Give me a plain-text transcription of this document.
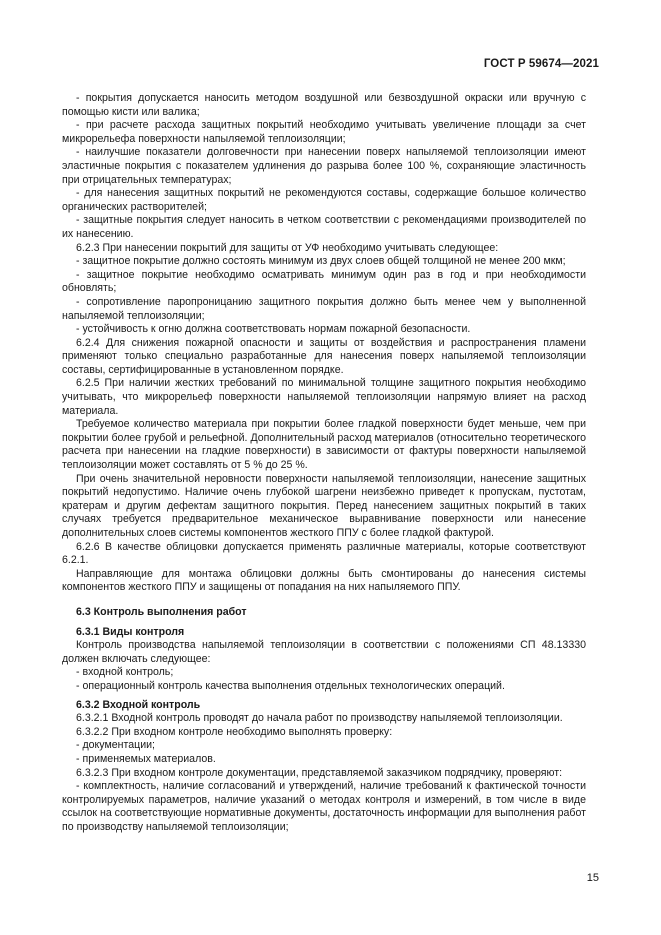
ГОСТ Р 59674—2021

- покрытия допускается наносить методом воздушной или безвоздушной окраски или вручную с помощью кисти или валика;

- при расчете расхода защитных покрытий необходимо учитывать увеличение площади за счет микрорельефа поверхности напыляемой теплоизоляции;

- наилучшие показатели долговечности при нанесении поверх напыляемой теплоизоляции имеют эластичные покрытия с показателем удлинения до разрыва более 100 %, сохраняющие эластичность при отрицательных температурах;

- для нанесения защитных покрытий не рекомендуются составы, содержащие большое количество органических растворителей;

- защитные покрытия следует наносить в четком соответствии с рекомендациями производителей по их нанесению.

6.2.3 При нанесении покрытий для защиты от УФ необходимо учитывать следующее:

- защитное покрытие должно состоять минимум из двух слоев общей толщиной не менее 200 мкм;

- защитное покрытие необходимо осматривать минимум один раз в год и при необходимости обновлять;

- сопротивление паропроницанию защитного покрытия должно быть менее чем у выполненной напыляемой теплоизоляции;

- устойчивость к огню должна соответствовать нормам пожарной безопасности.

6.2.4 Для снижения пожарной опасности и защиты от воздействия и распространения пламени применяют только специально разработанные для нанесения поверх напыляемой теплоизоляции составы, сертифицированные в установленном порядке.

6.2.5 При наличии жестких требований по минимальной толщине защитного покрытия необходимо учитывать, что микрорельеф поверхности напыляемой теплоизоляции напрямую влияет на расход материала.

Требуемое количество материала при покрытии более гладкой поверхности будет меньше, чем при покрытии более грубой и рельефной. Дополнительный расход материалов (относительно теоретического расчета при нанесении на гладкие поверхности) в зависимости от фактуры поверхности напыляемой теплоизоляции может составлять от 5 % до 25 %.

При очень значительной неровности поверхности напыляемой теплоизоляции, нанесение защитных покрытий недопустимо. Наличие очень глубокой шагрени неизбежно приведет к пропускам, пустотам, кратерам и другим дефектам защитного покрытия. Перед нанесением защитных покрытий в таких случаях требуется предварительное механическое выравнивание поверхности или нанесение дополнительных слоев системы компонентов жесткого ППУ с более гладкой фактурой.

6.2.6 В качестве облицовки допускается применять различные материалы, которые соответствуют 6.2.1.

Направляющие для монтажа облицовки должны быть смонтированы до нанесения системы компонентов жесткого ППУ и защищены от попадания на них напыляемого ППУ.

6.3 Контроль выполнения работ

6.3.1 Виды контроля

Контроль производства напыляемой теплоизоляции в соответствии с положениями СП 48.13330 должен включать следующее:

- входной контроль;

- операционный контроль качества выполнения отдельных технологических операций.

6.3.2 Входной контроль

6.3.2.1 Входной контроль проводят до начала работ по производству напыляемой теплоизоляции.

6.3.2.2 При входном контроле необходимо выполнять проверку:

- документации;

- применяемых материалов.

6.3.2.3 При входном контроле документации, представляемой заказчиком подрядчику, проверяют:

- комплектность, наличие согласований и утверждений, наличие требований к фактической точности контролируемых параметров, наличие указаний о методах контроля и измерений, в том числе в виде ссылок на соответствующие нормативные документы, достаточность информации для выполнения работ по производству напыляемой теплоизоляции;

15
